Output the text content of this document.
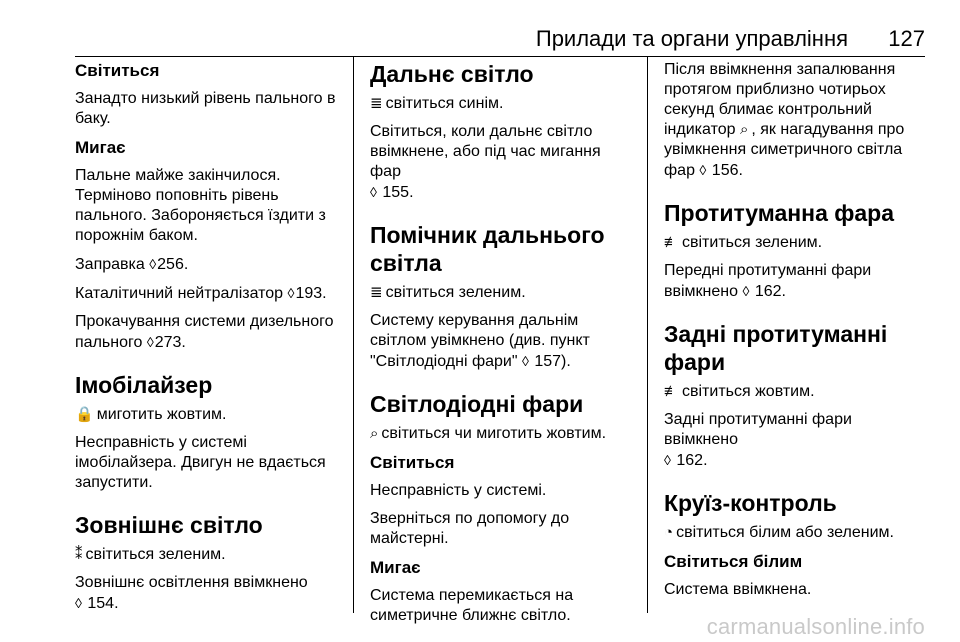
Прилади та органи управління 127
Світиться

Занадто низький рівень пального в баку.

Мигає

Пальне майже закінчилося. Терміново поповніть рівень пального. Забороняється їздити з порожнім баком.

Заправка ◊256.

Каталітичний нейтралізатор ◊193.

Прокачування системи дизельного пального ◊273.

Імобілайзер

🔒 миготить жовтим.

Несправність у системі імобілайзера. Двигун не вдається запустити.

Зовнішнє світло

⁑ світиться зеленим.

Зовнішнє освітлення ввімкнено
◊ 154.

Дальнє світло

≣ світиться синім.

Світиться, коли дальнє світло ввімкнене, або під час мигання фар
◊ 155.

Помічник дальнього світла

≣ світиться зеленим.

Систему керування дальнім світлом увімкнено (див. пункт "Світлодіодні фари" ◊ 157).

Світлодіодні фари

⌕ світиться чи миготить жовтим.

Світиться

Несправність у системі.

Зверніться по допомогу до майстерні.

Мигає

Система перемикається на симетричне ближнє світло.

Після ввімкнення запалювання протягом приблизно чотирьох секунд блимає контрольний індикатор ⌕ , як нагадування про увімкнення симетричного світла фар ◊ 156.

Протитуманна фара

≢ світиться зеленим.

Передні протитуманні фари ввімкнено ◊ 162.

Задні протитуманні фари

≢ світиться жовтим.

Задні протитуманні фари ввімкнено
◊ 162.

Круїз-контроль

◔ світиться білим або зеленим.

Світиться білим

Система ввімкнена.

carmanualsonline.info
